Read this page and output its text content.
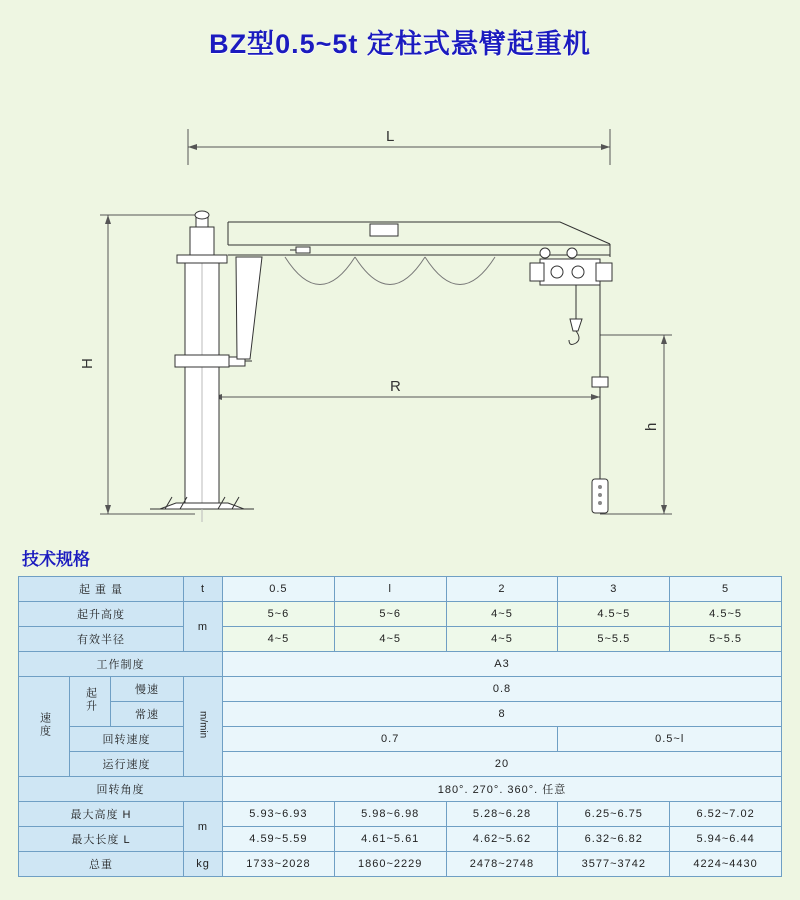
BZ型0.5~5t 定柱式悬臂起重机
L
R
H
h
技术规格
起 重 量			t	0.5	l	2	3	5
起升高度			m	5~6	5~6	4~5	4.5~5	4.5~5
有效半径				4~5	4~5	4~5	5~5.5	5~5.5
工作制度				A3				
速度	起升	慢速	m/min	0.8				
		常速		8				
	回转速度			0.7			0.5~l	
	运行速度			20				
回转角度				180°. 270°. 360°. 任意				
最大高度 H			m	5.93~6.93	5.98~6.98	5.28~6.28	6.25~6.75	6.52~7.02
最大长度 L				4.59~5.59	4.61~5.61	4.62~5.62	6.32~6.82	5.94~6.44
总重			kg	1733~2028	1860~2229	2478~2748	3577~3742	4224~4430
